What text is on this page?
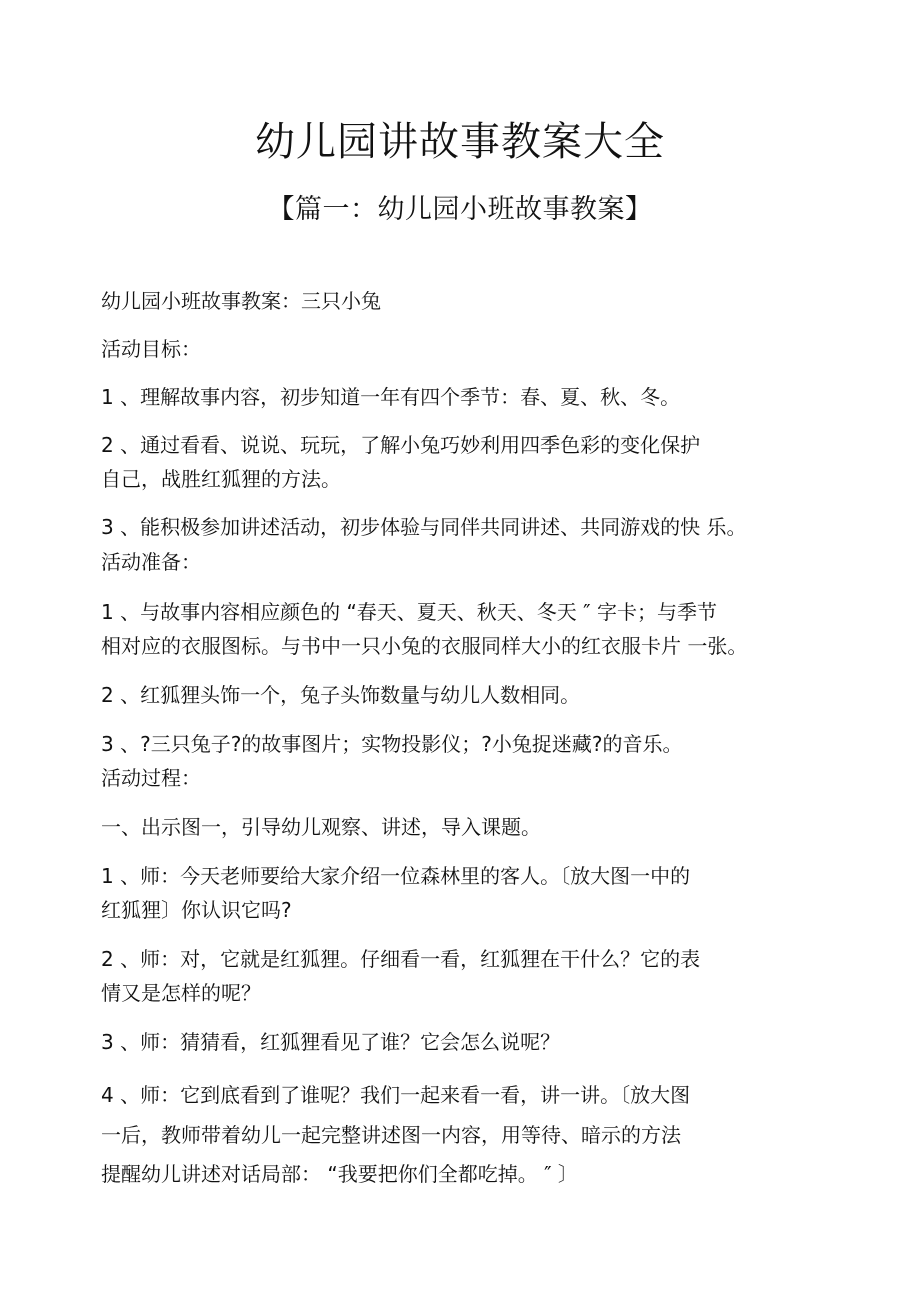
幼儿园讲故事教案大全
【篇一：幼儿园小班故事教案】
幼儿园小班故事教案：三只小兔
活动目标：
1 、理解故事内容，初步知道一年有四个季节：春、夏、秋、冬。
2 、通过看看、说说、玩玩，了解小兔巧妙利用四季色彩的变化保护
自己，战胜红狐狸的方法。
3 、能积极参加讲述活动，初步体验与同伴共同讲述、共同游戏的快 乐。
活动准备：
1 、与故事内容相应颜色的 “春天、夏天、秋天、冬天 ″ 字卡；与季节
相对应的衣服图标。与书中一只小兔的衣服同样大小的红衣服卡片 一张。
2 、红狐狸头饰一个，兔子头饰数量与幼儿人数相同。
3 、?三只兔子?的故事图片；实物投影仪；?小兔捉迷藏?的音乐。
活动过程：
一、出示图一，引导幼儿观察、讲述，导入课题。
1 、师：今天老师要给大家介绍一位森林里的客人。〔放大图一中的
红狐狸〕你认识它吗?
2 、师：对，它就是红狐狸。仔细看一看，红狐狸在干什么？它的表
情又是怎样的呢？
3 、师：猜猜看，红狐狸看见了谁？它会怎么说呢？
4 、师：它到底看到了谁呢？我们一起来看一看，讲一讲。〔放大图
一后，教师带着幼儿一起完整讲述图一内容，用等待、暗示的方法
提醒幼儿讲述对话局部： “我要把你们全都吃掉。 ″ 〕
